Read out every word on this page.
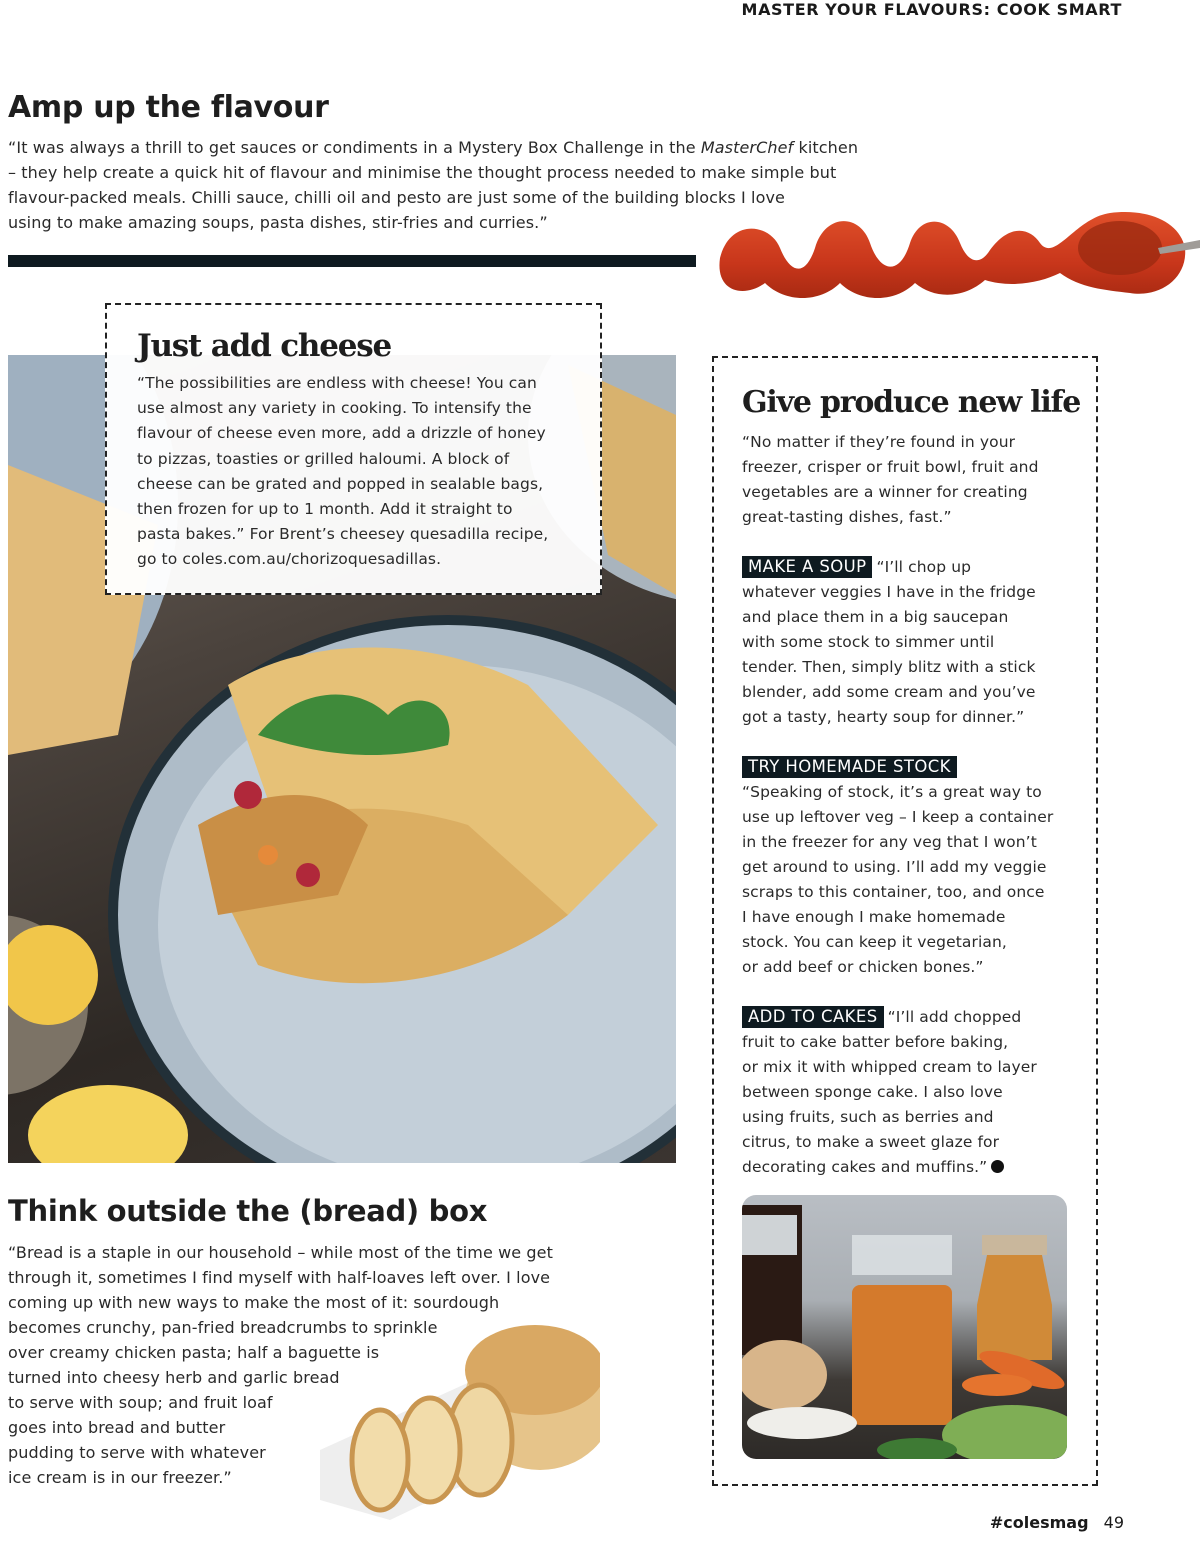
MASTER YOUR FLAVOURS: COOK SMART
Amp up the flavour
“It was always a thrill to get sauces or condiments in a Mystery Box Challenge in the MasterChef kitchen
– they help create a quick hit of flavour and minimise the thought process needed to make simple but
flavour-packed meals. Chilli sauce, chilli oil and pesto are just some of the building blocks I love
using to make amazing soups, pasta dishes, stir-fries and curries.”
Just add cheese
“The possibilities are endless with cheese! You can
use almost any variety in cooking. To intensify the
flavour of cheese even more, add a drizzle of honey
to pizzas, toasties or grilled haloumi. A block of
cheese can be grated and popped in sealable bags,
then frozen for up to 1 month. Add it straight to
pasta bakes.” For Brent’s cheesey quesadilla recipe,
go to coles.com.au/chorizoquesadillas.
Give produce new life
“No matter if they’re found in your
freezer, crisper or fruit bowl, fruit and
vegetables are a winner for creating
great-tasting dishes, fast.”
MAKE A SOUP “I’ll chop up
whatever veggies I have in the fridge
and place them in a big saucepan
with some stock to simmer until
tender. Then, simply blitz with a stick
blender, add some cream and you’ve
got a tasty, hearty soup for dinner.”
TRY HOMEMADE STOCK
“Speaking of stock, it’s a great way to
use up leftover veg – I keep a container
in the freezer for any veg that I won’t
get around to using. I’ll add my veggie
scraps to this container, too, and once
I have enough I make homemade
stock. You can keep it vegetarian,
or add beef or chicken bones.”
ADD TO CAKES “I’ll add chopped
fruit to cake batter before baking,
or mix it with whipped cream to layer
between sponge cake. I also love
using fruits, such as berries and
citrus, to make a sweet glaze for
decorating cakes and muffins.”
Think outside the (bread) box
“Bread is a staple in our household – while most of the time we get
through it, sometimes I find myself with half-loaves left over. I love
coming up with new ways to make the most of it: sourdough
becomes crunchy, pan-fried breadcrumbs to sprinkle
over creamy chicken pasta; half a baguette is
turned into cheesy herb and garlic bread
to serve with soup; and fruit loaf
goes into bread and butter
pudding to serve with whatever
ice cream is in our freezer.”
#colesmag 49
